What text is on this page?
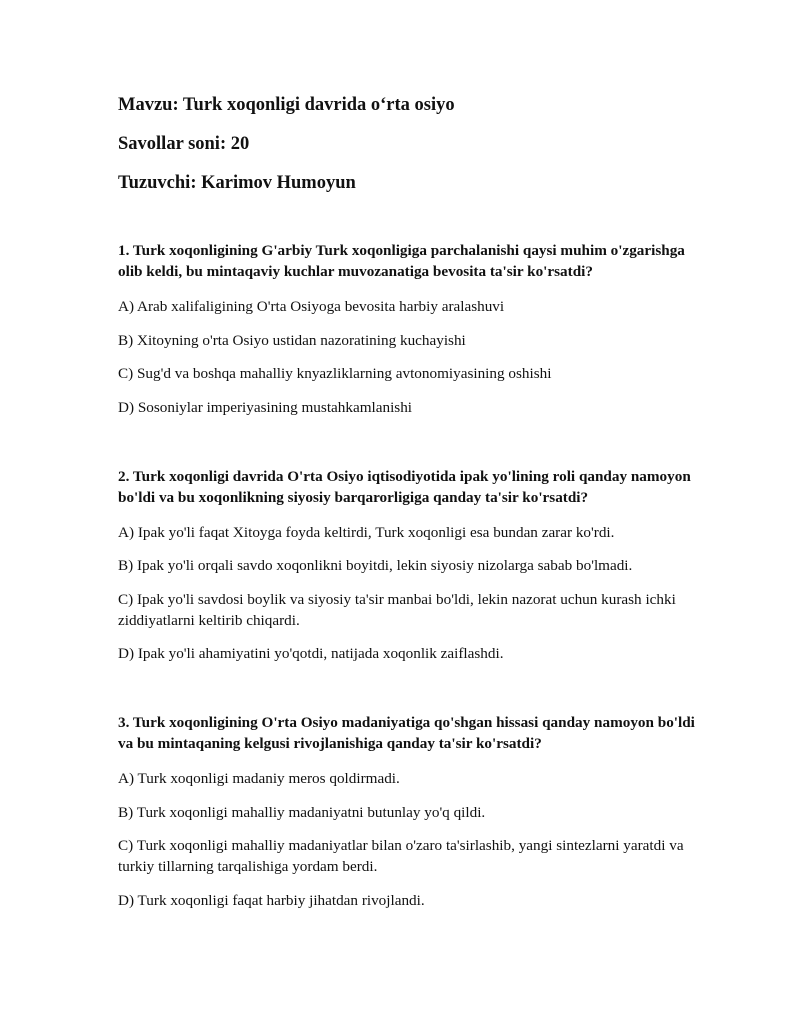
Mavzu: Turk xoqonligi davrida o‘rta osiyo
Savollar soni: 20
Tuzuvchi: Karimov Humoyun
1. Turk xoqonligining G'arbiy Turk xoqonligiga parchalanishi qaysi muhim o'zgarishga olib keldi, bu mintaqaviy kuchlar muvozanatiga bevosita ta'sir ko'rsatdi?
A) Arab xalifaligining O'rta Osiyoga bevosita harbiy aralashuvi
B) Xitoyning o'rta Osiyo ustidan nazoratining kuchayishi
C) Sug'd va boshqa mahalliy knyazliklarning avtonomiyasining oshishi
D) Sosoniylar imperiyasining mustahkamlanishi
2. Turk xoqonligi davrida O'rta Osiyo iqtisodiyotida ipak yo'lining roli qanday namoyon bo'ldi va bu xoqonlikning siyosiy barqarorligiga qanday ta'sir ko'rsatdi?
A) Ipak yo'li faqat Xitoyga foyda keltirdi, Turk xoqonligi esa bundan zarar ko'rdi.
B) Ipak yo'li orqali savdo xoqonlikni boyitdi, lekin siyosiy nizolarga sabab bo'lmadi.
C) Ipak yo'li savdosi boylik va siyosiy ta'sir manbai bo'ldi, lekin nazorat uchun kurash ichki ziddiyatlarni keltirib chiqardi.
D) Ipak yo'li ahamiyatini yo'qotdi, natijada xoqonlik zaiflashdi.
3. Turk xoqonligining O'rta Osiyo madaniyatiga qo'shgan hissasi qanday namoyon bo'ldi va bu mintaqaning kelgusi rivojlanishiga qanday ta'sir ko'rsatdi?
A) Turk xoqonligi madaniy meros qoldirmadi.
B) Turk xoqonligi mahalliy madaniyatni butunlay yo'q qildi.
C) Turk xoqonligi mahalliy madaniyatlar bilan o'zaro ta'sirlashib, yangi sintezlarni yaratdi va turkiy tillarning tarqalishiga yordam berdi.
D) Turk xoqonligi faqat harbiy jihatdan rivojlandi.
